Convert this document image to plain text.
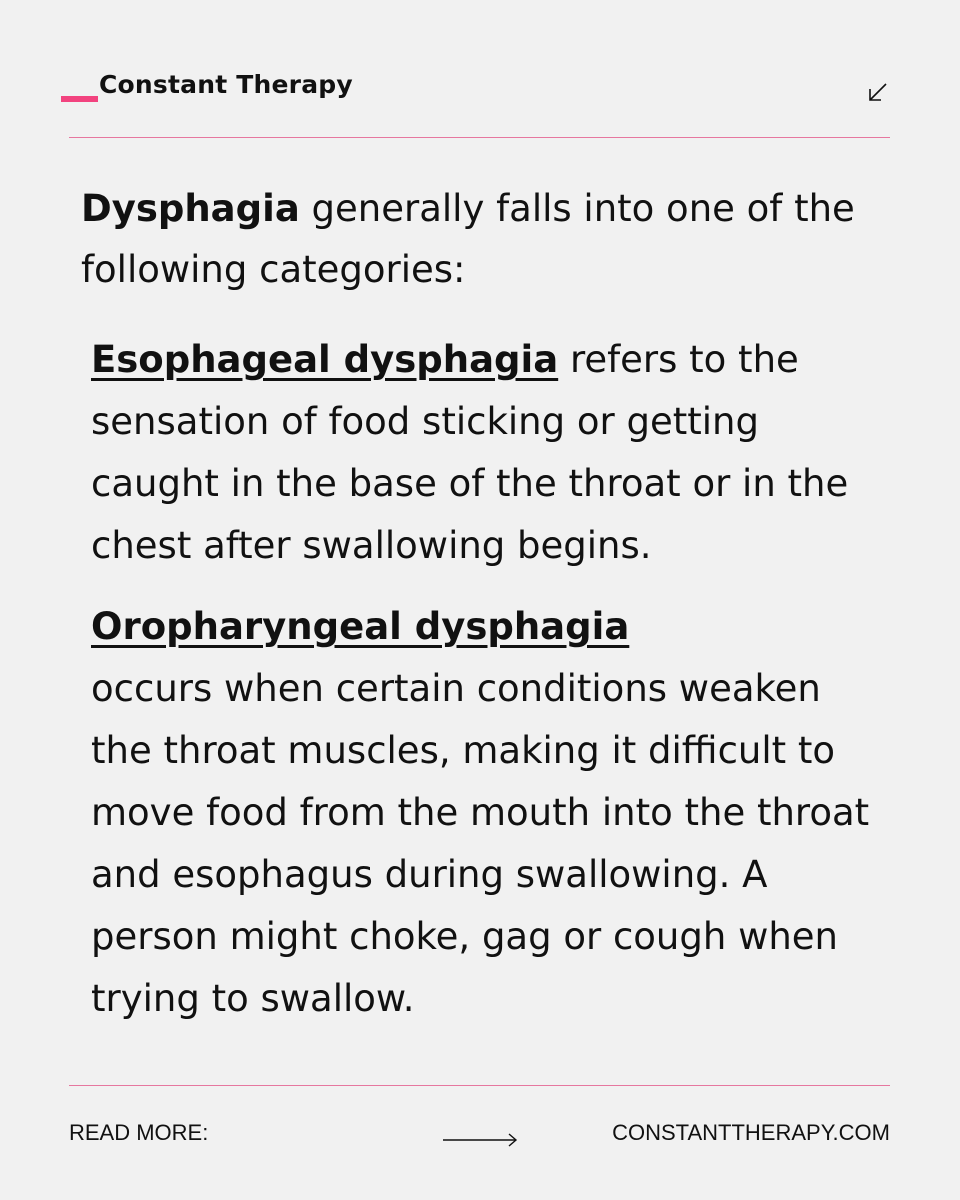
Constant Therapy

Dysphagia generally falls into one of the following categories:

Esophageal dysphagia refers to the sensation of food sticking or getting caught in the base of the throat or in the chest after swallowing begins.

Oropharyngeal dysphagia
occurs when certain conditions weaken the throat muscles, making it difficult to move food from the mouth into the throat and esophagus during swallowing. A person might choke, gag or cough when trying to swallow.

READ MORE:	CONSTANTTHERAPY.COM
